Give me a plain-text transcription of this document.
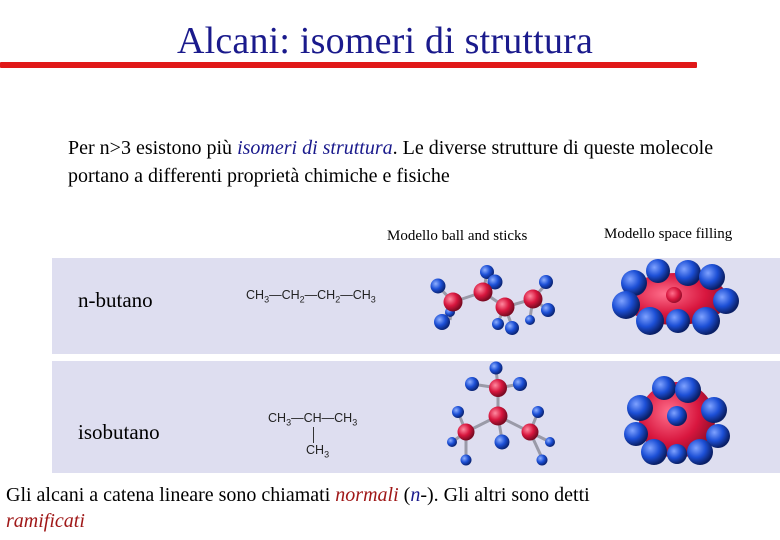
Alcani: isomeri di struttura
Per n>3 esistono più isomeri di struttura. Le diverse strutture di queste molecole portano a differenti proprietà chimiche e fisiche
Modello ball and sticks	Modello space filling
n-butano
isobutano
$CH_3—CH_2—CH_2—CH_3$
$CH_3—CH—CH_3$
$CH_3$
Gli alcani a catena lineare sono chiamati normali (n-). Gli altri sono detti
ramificati
